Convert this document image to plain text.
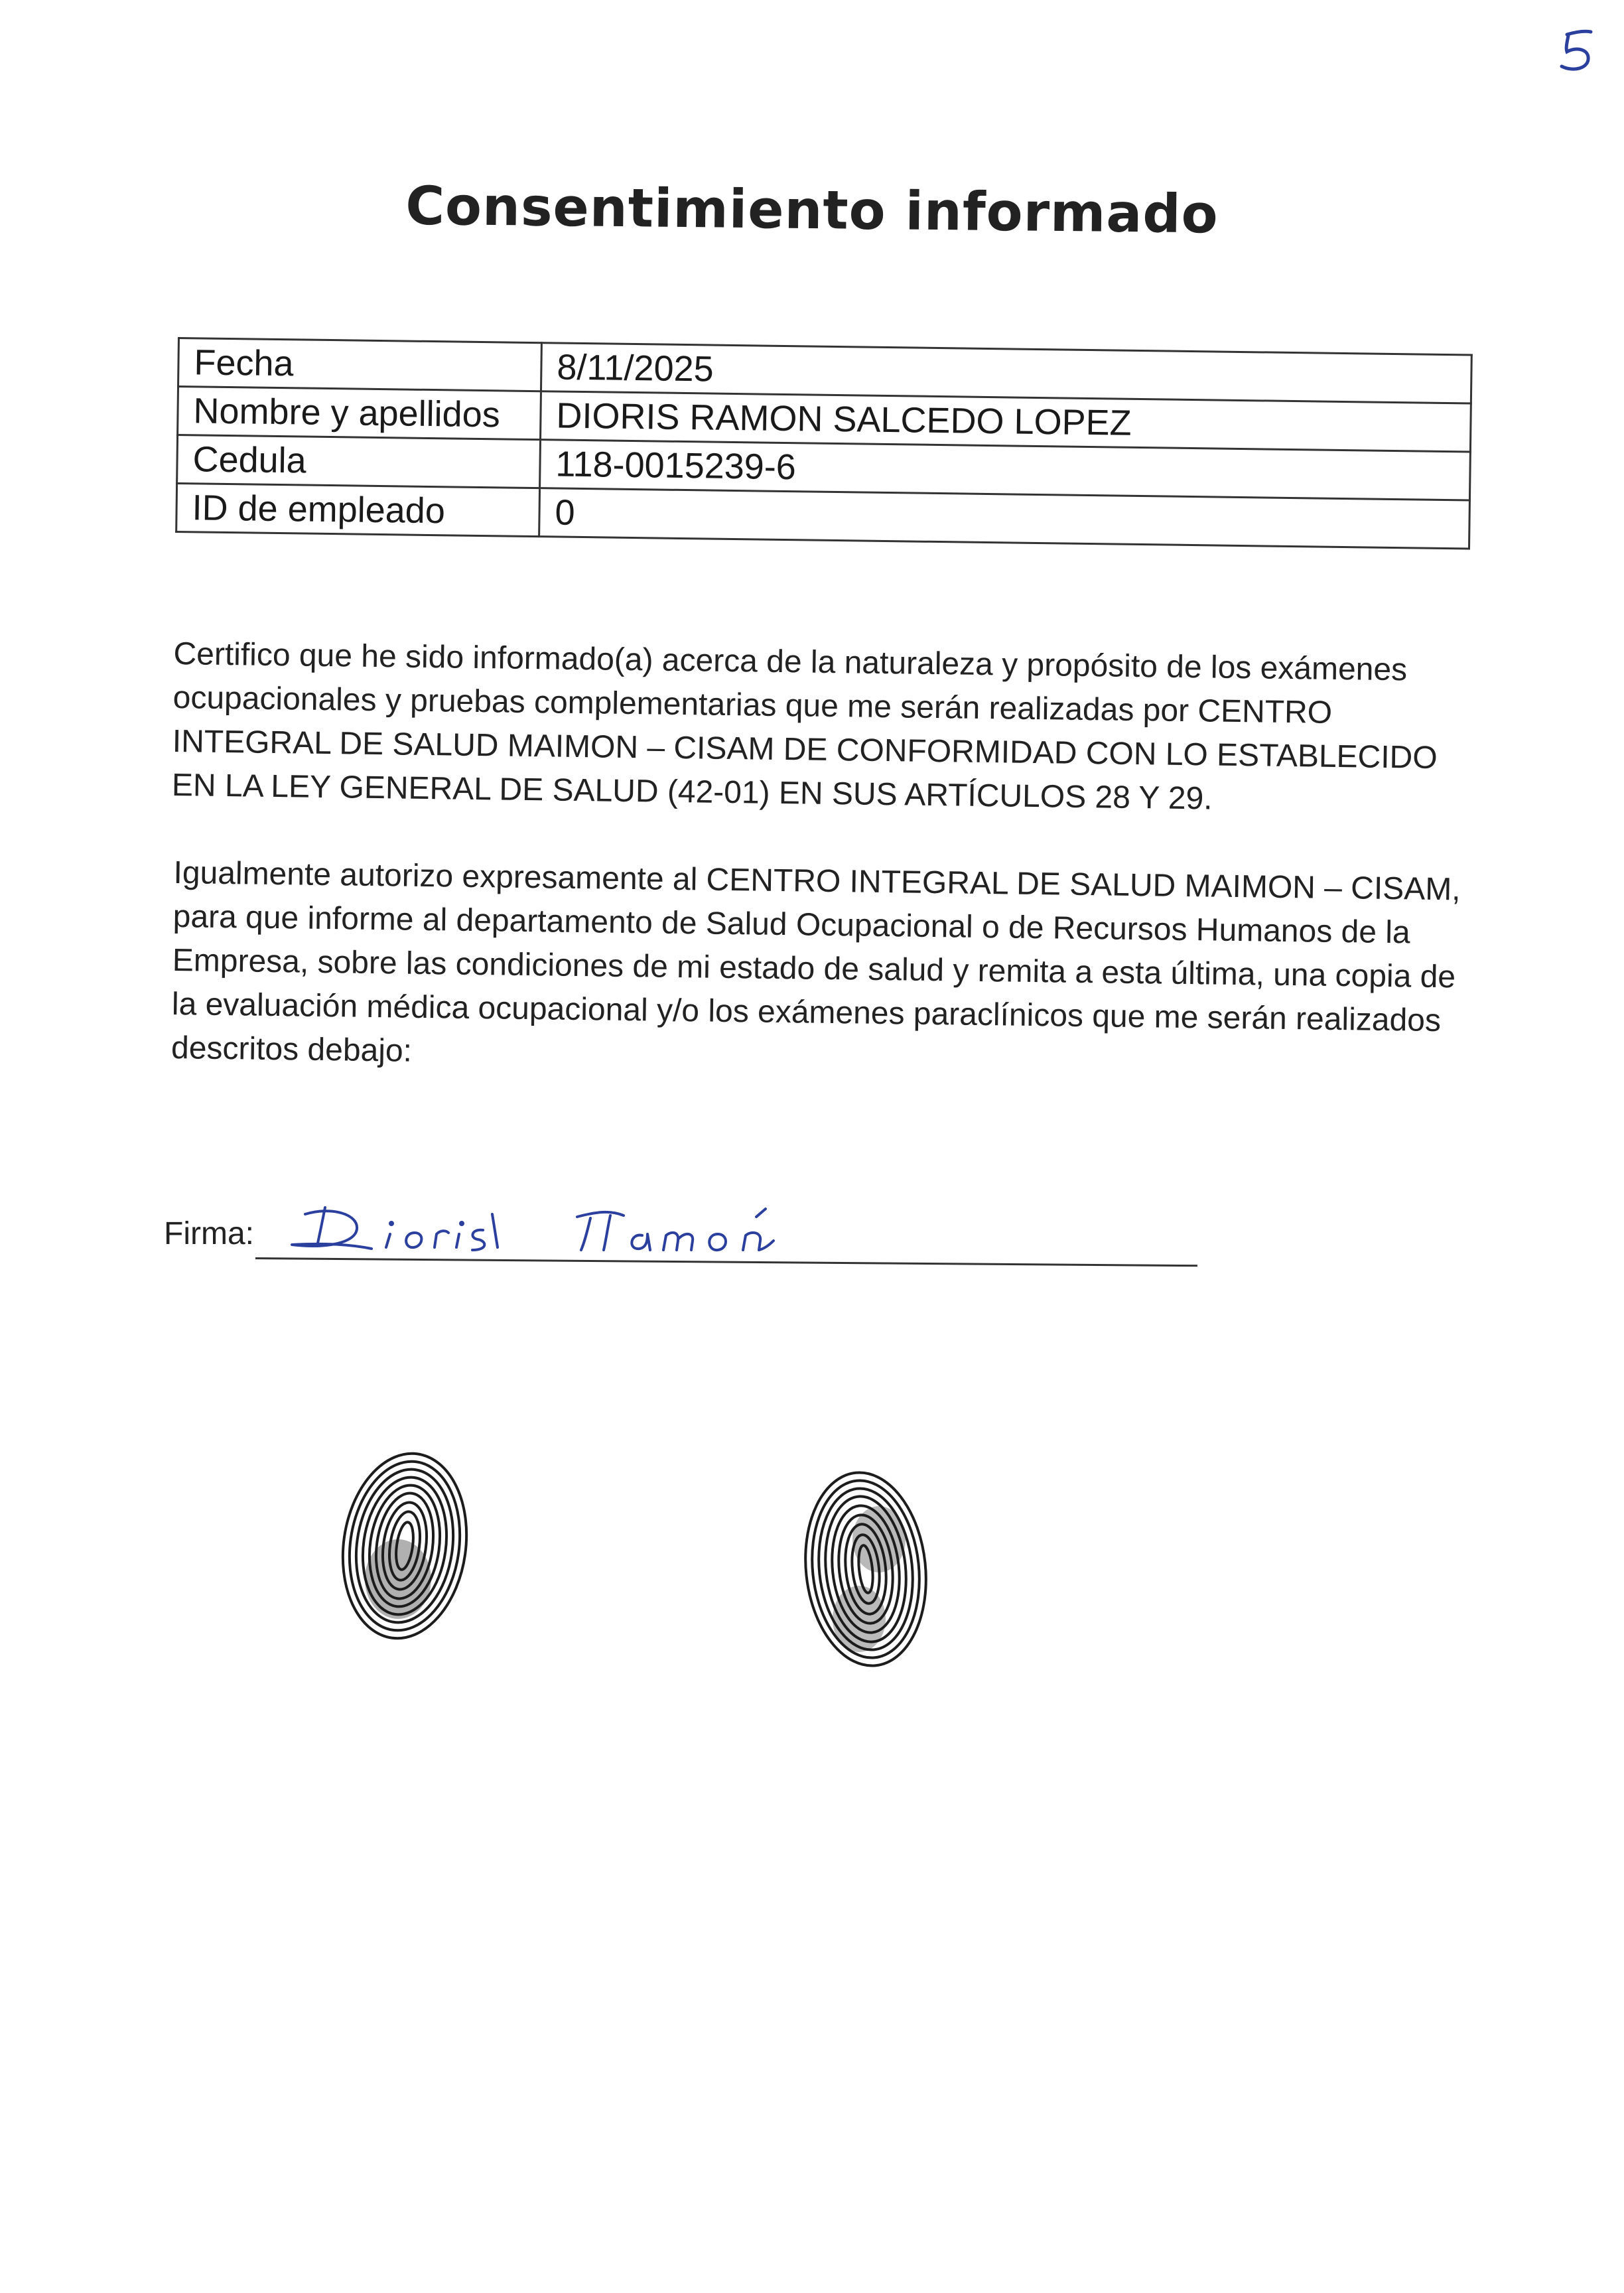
Consentimiento informado
Fecha	8/11/2025
Nombre y apellidos	DIORIS RAMON SALCEDO LOPEZ
Cedula	118-0015239-6
ID de empleado	0

Certifico que he sido informado(a) acerca de la naturaleza y propósito de los exámenes ocupacionales y pruebas complementarias que me serán realizadas por CENTRO INTEGRAL DE SALUD MAIMON – CISAM DE CONFORMIDAD CON LO ESTABLECIDO EN LA LEY GENERAL DE SALUD (42-01) EN SUS ARTÍCULOS 28 Y 29.

Igualmente autorizo expresamente al CENTRO INTEGRAL DE SALUD MAIMON – CISAM, para que informe al departamento de Salud Ocupacional o de Recursos Humanos de la Empresa, sobre las condiciones de mi estado de salud y remita a esta última, una copia de la evaluación médica ocupacional y/o los exámenes paraclínicos que me serán realizados descritos debajo:

Firma:
